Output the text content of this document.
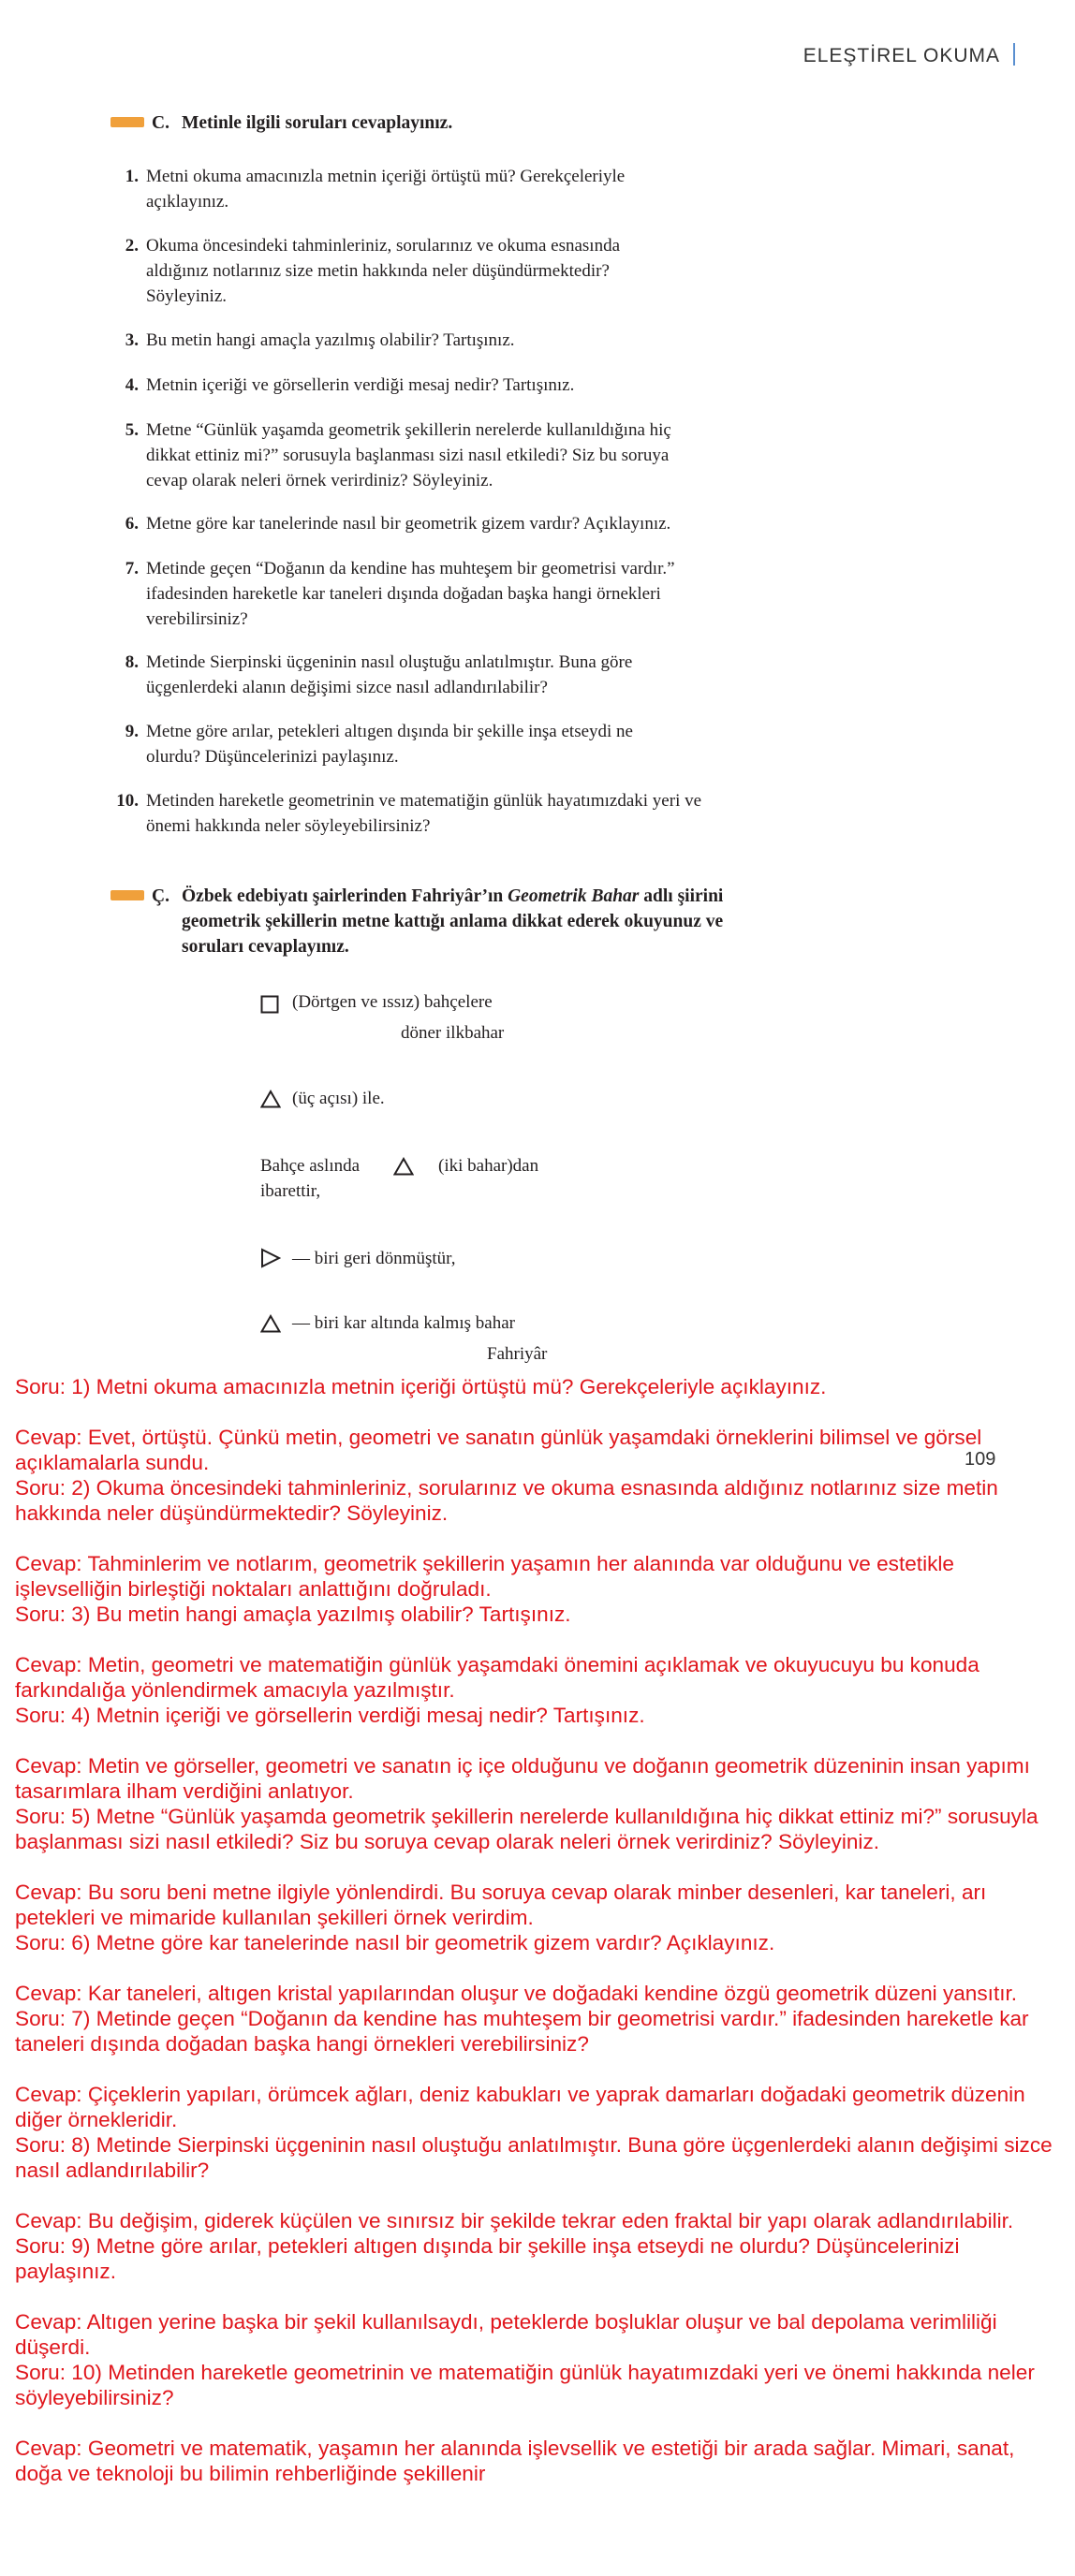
ELEŞTİREL OKUMA
C. Metinle ilgili soruları cevaplayınız.
1. Metni okuma amacınızla metnin içeriği örtüştü mü? Gerekçeleriyle açıklayınız.
2. Okuma öncesindeki tahminleriniz, sorularınız ve okuma esnasında aldığınız notlarınız size metin hakkında neler düşündürmektedir? Söyleyiniz.
3. Bu metin hangi amaçla yazılmış olabilir? Tartışınız.
4. Metnin içeriği ve görsellerin verdiği mesaj nedir? Tartışınız.
5. Metne “Günlük yaşamda geometrik şekillerin nerelerde kullanıldığına hiç dikkat ettiniz mi?” sorusuyla başlanması sizi nasıl etkiledi? Siz bu soruya cevap olarak neleri örnek verirdiniz? Söyleyiniz.
6. Metne göre kar tanelerinde nasıl bir geometrik gizem vardır? Açıklayınız.
7. Metinde geçen “Doğanın da kendine has muhteşem bir geometrisi vardır.” ifadesinden hareketle kar taneleri dışında doğadan başka hangi örnekleri verebilirsiniz?
8. Metinde Sierpinski üçgeninin nasıl oluştuğu anlatılmıştır. Buna göre üçgenlerdeki alanın değişimi sizce nasıl adlandırılabilir?
9. Metne göre arılar, petekleri altıgen dışında bir şekille inşa etseydi ne olurdu? Düşüncelerinizi paylaşınız.
10. Metinden hareketle geometrinin ve matematiğin günlük hayatımızdaki yeri ve önemi hakkında neler söyleyebilirsiniz?
Ç. Özbek edebiyatı şairlerinden Fahriyâr’ın Geometrik Bahar adlı şiirini geometrik şekillerin metne kattığı anlama dikkat ederek okuyunuz ve soruları cevaplayınız.
(Dörtgen ve ıssız) bahçelere
döner ilkbahar
(üç açısı) ile.
Bahçe aslında	(iki bahar)dan
ibarettir,
— biri geri dönmüştür,
— biri kar altında kalmış bahar
Fahriyâr
109

Soru: 1) Metni okuma amacınızla metnin içeriği örtüştü mü? Gerekçeleriyle açıklayınız.

Cevap: Evet, örtüştü. Çünkü metin, geometri ve sanatın günlük yaşamdaki örneklerini bilimsel ve görsel açıklamalarla sundu.

Soru: 2) Okuma öncesindeki tahminleriniz, sorularınız ve okuma esnasında aldığınız notlarınız size metin hakkında neler düşündürmektedir? Söyleyiniz.

Cevap: Tahminlerim ve notlarım, geometrik şekillerin yaşamın her alanında var olduğunu ve estetikle işlevselliğin birleştiği noktaları anlattığını doğruladı.

Soru: 3) Bu metin hangi amaçla yazılmış olabilir? Tartışınız.

Cevap: Metin, geometri ve matematiğin günlük yaşamdaki önemini açıklamak ve okuyucuyu bu konuda farkındalığa yönlendirmek amacıyla yazılmıştır.

Soru: 4) Metnin içeriği ve görsellerin verdiği mesaj nedir? Tartışınız.

Cevap: Metin ve görseller, geometri ve sanatın iç içe olduğunu ve doğanın geometrik düzeninin insan yapımı tasarımlara ilham verdiğini anlatıyor.

Soru: 5) Metne “Günlük yaşamda geometrik şekillerin nerelerde kullanıldığına hiç dikkat ettiniz mi?” sorusuyla başlanması sizi nasıl etkiledi? Siz bu soruya cevap olarak neleri örnek verirdiniz? Söyleyiniz.

Cevap: Bu soru beni metne ilgiyle yönlendirdi. Bu soruya cevap olarak minber desenleri, kar taneleri, arı petekleri ve mimaride kullanılan şekilleri örnek verirdim.

Soru: 6) Metne göre kar tanelerinde nasıl bir geometrik gizem vardır? Açıklayınız.

Cevap: Kar taneleri, altıgen kristal yapılarından oluşur ve doğadaki kendine özgü geometrik düzeni yansıtır.

Soru: 7) Metinde geçen “Doğanın da kendine has muhteşem bir geometrisi vardır.” ifadesinden hareketle kar taneleri dışında doğadan başka hangi örnekleri verebilirsiniz?

Cevap: Çiçeklerin yapıları, örümcek ağları, deniz kabukları ve yaprak damarları doğadaki geometrik düzenin diğer örnekleridir.

Soru: 8) Metinde Sierpinski üçgeninin nasıl oluştuğu anlatılmıştır. Buna göre üçgenlerdeki alanın değişimi sizce nasıl adlandırılabilir?

Cevap: Bu değişim, giderek küçülen ve sınırsız bir şekilde tekrar eden fraktal bir yapı olarak adlandırılabilir.

Soru: 9) Metne göre arılar, petekleri altıgen dışında bir şekille inşa etseydi ne olurdu? Düşüncelerinizi paylaşınız.

Cevap: Altıgen yerine başka bir şekil kullanılsaydı, peteklerde boşluklar oluşur ve bal depolama verimliliği düşerdi.

Soru: 10) Metinden hareketle geometrinin ve matematiğin günlük hayatımızdaki yeri ve önemi hakkında neler söyleyebilirsiniz?

Cevap: Geometri ve matematik, yaşamın her alanında işlevsellik ve estetiği bir arada sağlar. Mimari, sanat, doğa ve teknoloji bu bilimin rehberliğinde şekillenir
